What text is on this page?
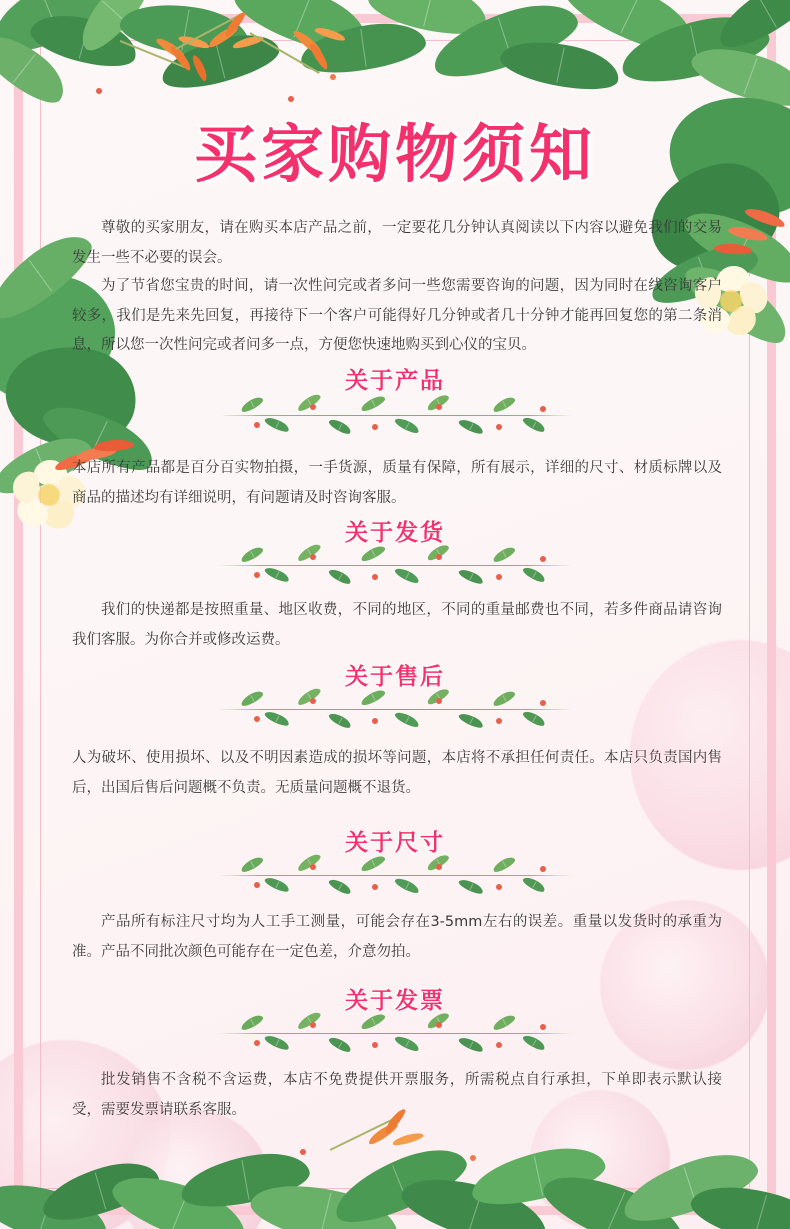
买家购物须知
尊敬的买家朋友，请在购买本店产品之前，一定要花几分钟认真阅读以下内容以避免我们的交易发生一些不必要的误会。
为了节省您宝贵的时间，请一次性问完或者多问一些您需要咨询的问题，因为同时在线咨询客户较多，我们是先来先回复，再接待下一个客户可能得好几分钟或者几十分钟才能再回复您的第二条消息，所以您一次性问完或者问多一点，方便您快速地购买到心仪的宝贝。
关于产品
本店所有产品都是百分百实物拍摄，一手货源，质量有保障，所有展示，详细的尺寸、材质标牌以及商品的描述均有详细说明，有问题请及时咨询客服。
关于发货
我们的快递都是按照重量、地区收费，不同的地区，不同的重量邮费也不同，若多件商品请咨询我们客服。为你合并或修改运费。
关于售后
人为破坏、使用损坏、以及不明因素造成的损坏等问题，本店将不承担任何责任。本店只负责国内售后，出国后售后问题概不负责。无质量问题概不退货。
关于尺寸
产品所有标注尺寸均为人工手工测量，可能会存在3-5mm左右的误差。重量以发货时的承重为准。产品不同批次颜色可能存在一定色差，介意勿拍。
关于发票
批发销售不含税不含运费，本店不免费提供开票服务，所需税点自行承担，下单即表示默认接受，需要发票请联系客服。
